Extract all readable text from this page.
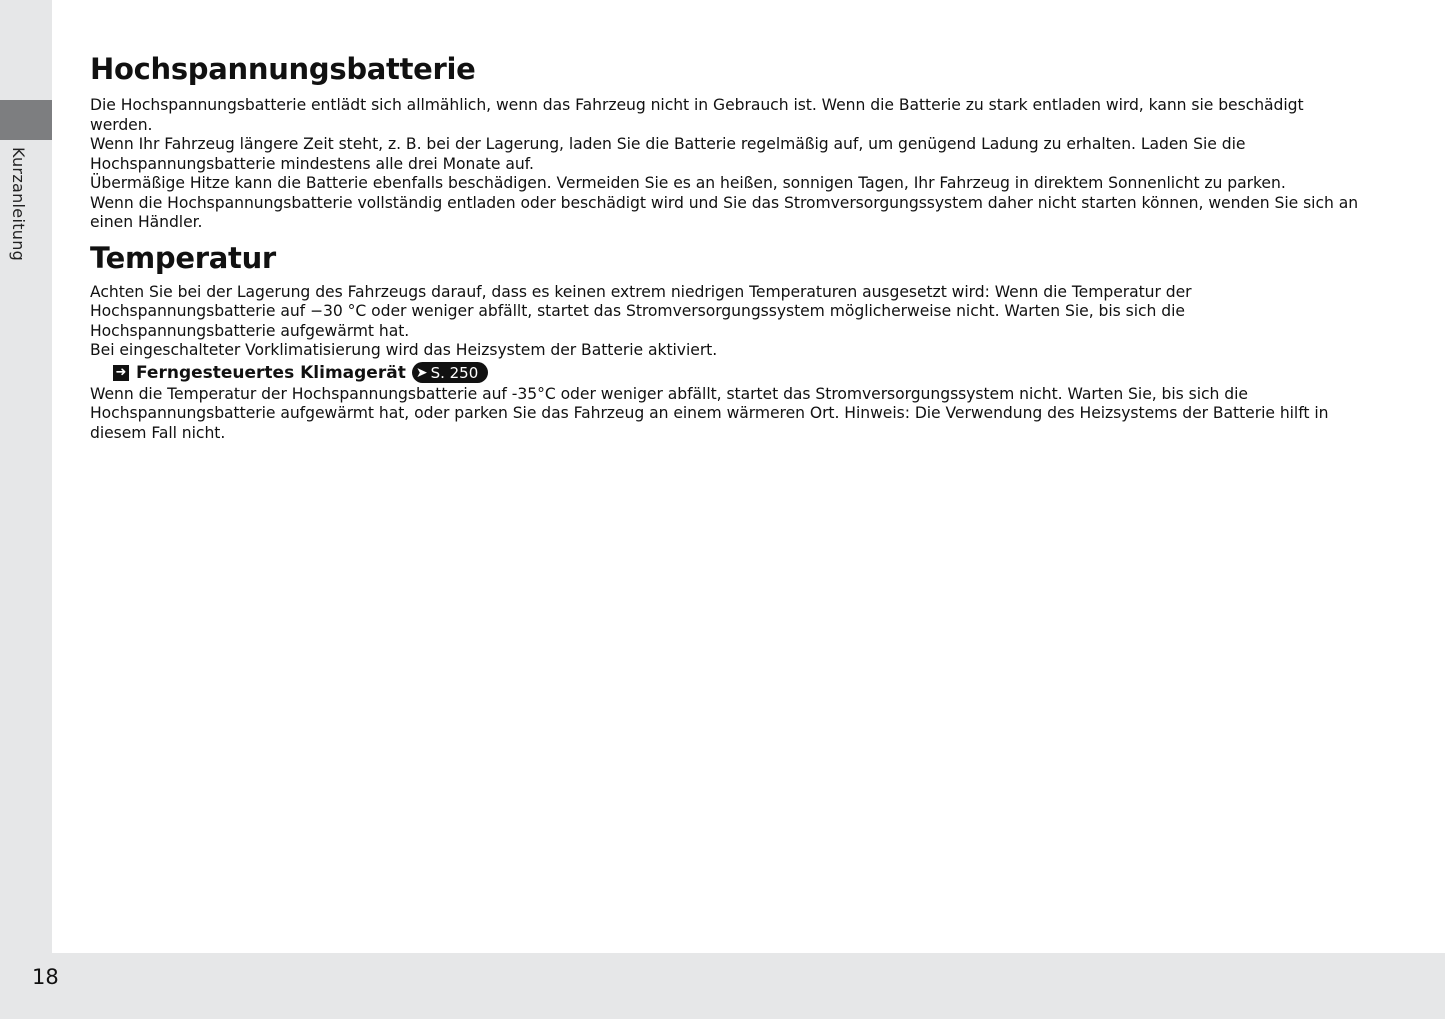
Kurzanleitung
18
Hochspannungsbatterie

Die Hochspannungsbatterie entlädt sich allmählich, wenn das Fahrzeug nicht in Gebrauch ist. Wenn die Batterie zu stark entladen wird, kann sie beschädigt werden.

Wenn Ihr Fahrzeug längere Zeit steht, z. B. bei der Lagerung, laden Sie die Batterie regelmäßig auf, um genügend Ladung zu erhalten. Laden Sie die Hochspannungsbatterie mindestens alle drei Monate auf.

Übermäßige Hitze kann die Batterie ebenfalls beschädigen. Vermeiden Sie es an heißen, sonnigen Tagen, Ihr Fahrzeug in direktem Sonnenlicht zu parken.

Wenn die Hochspannungsbatterie vollständig entladen oder beschädigt wird und Sie das Stromversorgungssystem daher nicht starten können, wenden Sie sich an einen Händler.

Temperatur

Achten Sie bei der Lagerung des Fahrzeugs darauf, dass es keinen extrem niedrigen Temperaturen ausgesetzt wird: Wenn die Temperatur der Hochspannungsbatterie auf −30 °C oder weniger abfällt, startet das Stromversorgungssystem möglicherweise nicht. Warten Sie, bis sich die Hochspannungsbatterie aufgewärmt hat.

Bei eingeschalteter Vorklimatisierung wird das Heizsystem der Batterie aktiviert.

➜ Ferngesteuertes Klimagerät ➤ S. 250

Wenn die Temperatur der Hochspannungsbatterie auf -35°C oder weniger abfällt, startet das Stromversorgungssystem nicht. Warten Sie, bis sich die Hochspannungsbatterie aufgewärmt hat, oder parken Sie das Fahrzeug an einem wärmeren Ort. Hinweis: Die Verwendung des Heizsystems der Batterie hilft in diesem Fall nicht.
